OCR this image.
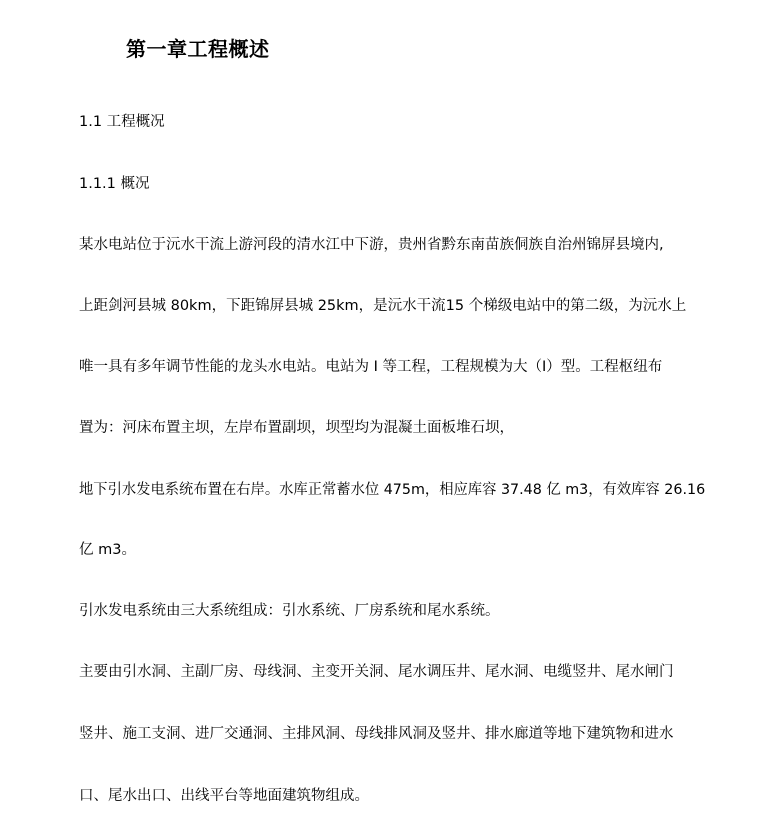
第一章工程概述
1.1 工程概况
1.1.1 概况
某水电站位于沅水干流上游河段的清水江中下游，贵州省黔东南苗族侗族自治州锦屏县境内,
上距剑河县城 80km，下距锦屏县城 25km，是沅水干流15 个梯级电站中的第二级，为沅水上
唯一具有多年调节性能的龙头水电站。电站为 I 等工程，工程规模为大（I）型。工程枢纽布
置为：河床布置主坝，左岸布置副坝，坝型均为混凝土面板堆石坝，
地下引水发电系统布置在右岸。水库正常蓄水位 475m，相应库容 37.48 亿 m3，有效库容 26.16
亿 m3。
引水发电系统由三大系统组成：引水系统、厂房系统和尾水系统。
主要由引水洞、主副厂房、母线洞、主变开关洞、尾水调压井、尾水洞、电缆竖井、尾水闸门
竖井、施工支洞、进厂交通洞、主排风洞、母线排风洞及竖井、排水廊道等地下建筑物和进水
口、尾水出口、出线平台等地面建筑物组成。
